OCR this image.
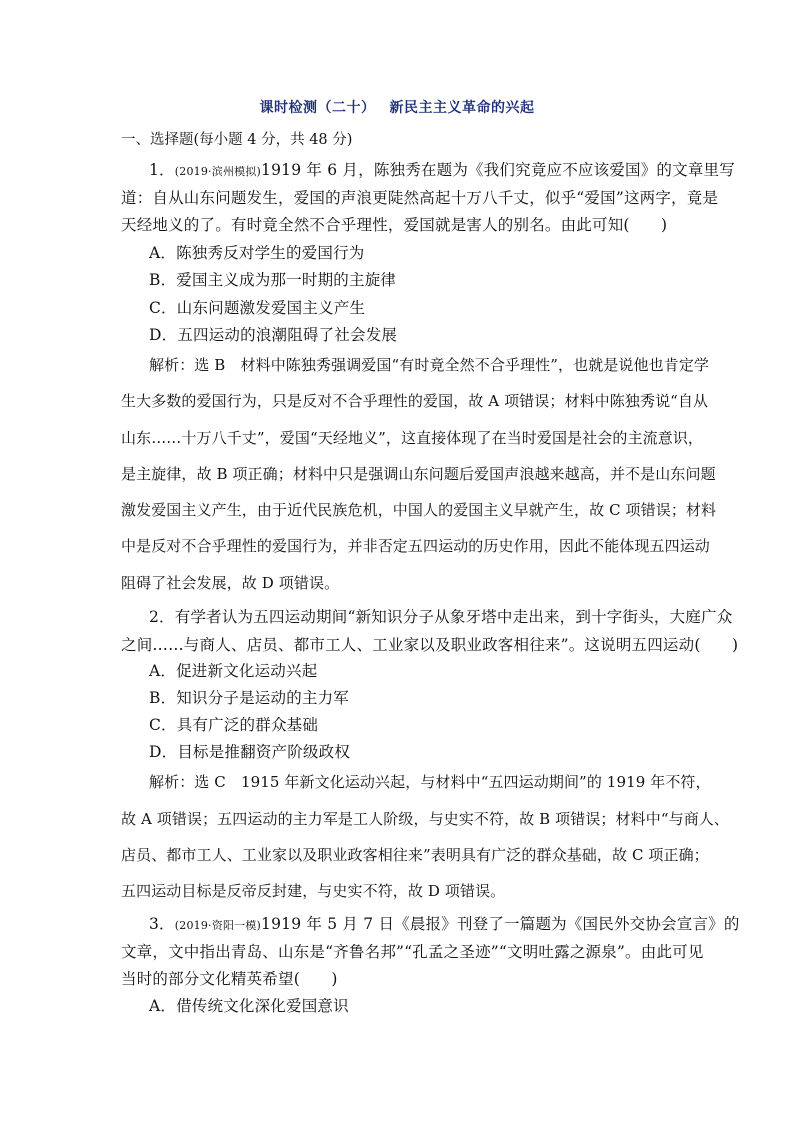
课时检测（二十） 新民主主义革命的兴起
一、选择题(每小题 4 分，共 48 分)
1．(2019·滨州模拟)1919 年 6 月，陈独秀在题为《我们究竟应不应该爱国》的文章里写
道：自从山东问题发生，爱国的声浪更陡然高起十万八千丈，似乎“爱国”这两字，竟是
天经地义的了。有时竟全然不合乎理性，爱国就是害人的别名。由此可知(　　)
A．陈独秀反对学生的爱国行为
B．爱国主义成为那一时期的主旋律
C．山东问题激发爱国主义产生
D．五四运动的浪潮阻碍了社会发展
解析：选 B　材料中陈独秀强调爱国“有时竟全然不合乎理性”，也就是说他也肯定学
生大多数的爱国行为，只是反对不合乎理性的爱国，故 A 项错误；材料中陈独秀说“自从
山东……十万八千丈”，爱国“天经地义”，这直接体现了在当时爱国是社会的主流意识，
是主旋律，故 B 项正确；材料中只是强调山东问题后爱国声浪越来越高，并不是山东问题
激发爱国主义产生，由于近代民族危机，中国人的爱国主义早就产生，故 C 项错误；材料
中是反对不合乎理性的爱国行为，并非否定五四运动的历史作用，因此不能体现五四运动
阻碍了社会发展，故 D 项错误。
2．有学者认为五四运动期间“新知识分子从象牙塔中走出来，到十字街头，大庭广众
之间……与商人、店员、都市工人、工业家以及职业政客相往来”。这说明五四运动(　　)
A．促进新文化运动兴起
B．知识分子是运动的主力军
C．具有广泛的群众基础
D．目标是推翻资产阶级政权
解析：选 C　1915 年新文化运动兴起，与材料中“五四运动期间”的 1919 年不符，
故 A 项错误；五四运动的主力军是工人阶级，与史实不符，故 B 项错误；材料中“与商人、
店员、都市工人、工业家以及职业政客相往来”表明具有广泛的群众基础，故 C 项正确；
五四运动目标是反帝反封建，与史实不符，故 D 项错误。
3．(2019·资阳一模)1919 年 5 月 7 日《晨报》刊登了一篇题为《国民外交协会宣言》的
文章，文中指出青岛、山东是“齐鲁名邦”“孔孟之圣迹”“文明吐露之源泉”。由此可见
当时的部分文化精英希望(　　)
A．借传统文化深化爱国意识
